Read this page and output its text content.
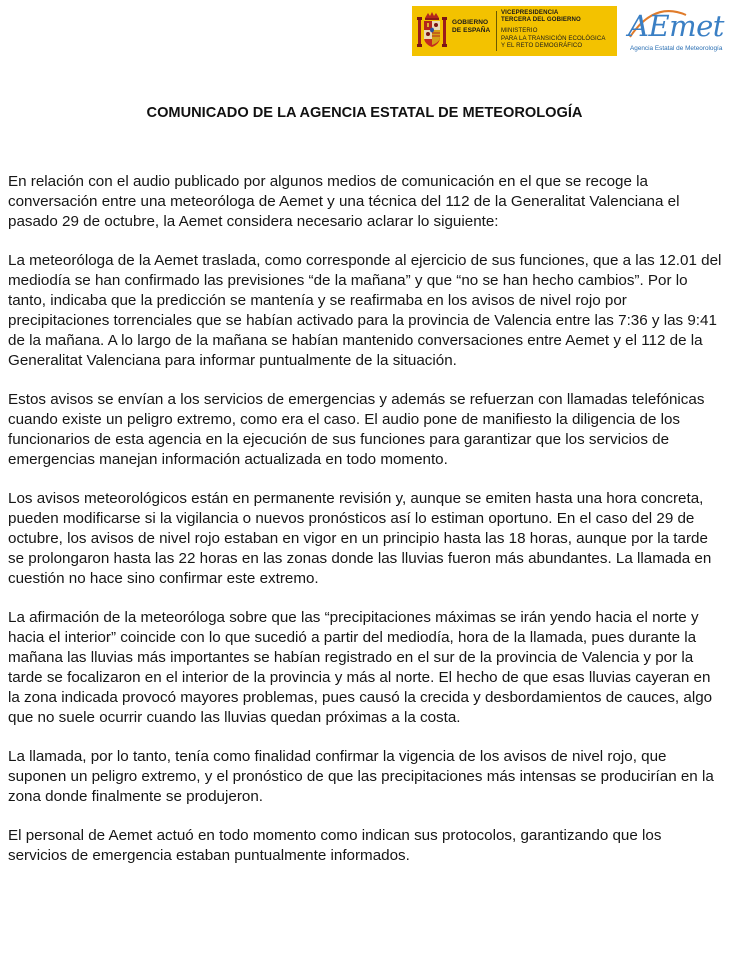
GOBIERNO
DE ESPAÑA
VICEPRESIDENCIA
TERCERA DEL GOBIERNO
MINISTERIO
PARA LA TRANSICIÓN ECOLÓGICA
Y EL RETO DEMOGRÁFICO
AEmet
Agencia Estatal de Meteorología
COMUNICADO DE LA AGENCIA ESTATAL DE METEOROLOGÍA

En relación con el audio publicado por algunos medios de comunicación en el que se recoge la conversación entre una meteoróloga de Aemet y una técnica del 112 de la Generalitat Valenciana el pasado 29 de octubre, la Aemet considera necesario aclarar lo siguiente:

La meteoróloga de la Aemet traslada, como corresponde al ejercicio de sus funciones, que a las 12.01 del mediodía se han confirmado las previsiones “de la mañana” y que “no se han hecho cambios”. Por lo tanto, indicaba que la predicción se mantenía y se reafirmaba en los avisos de nivel rojo por precipitaciones torrenciales que se habían activado para la provincia de Valencia entre las 7:36 y las 9:41 de la mañana. A lo largo de la mañana se habían mantenido conversaciones entre Aemet y el 112 de la Generalitat Valenciana para informar puntualmente de la situación.

Estos avisos se envían a los servicios de emergencias y además se refuerzan con llamadas telefónicas cuando existe un peligro extremo, como era el caso. El audio pone de manifiesto la diligencia de los funcionarios de esta agencia en la ejecución de sus funciones para garantizar que los servicios de emergencias manejan información actualizada en todo momento.

Los avisos meteorológicos están en permanente revisión y, aunque se emiten hasta una hora concreta, pueden modificarse si la vigilancia o nuevos pronósticos así lo estiman oportuno. En el caso del 29 de octubre, los avisos de nivel rojo estaban en vigor en un principio hasta las 18 horas, aunque por la tarde se prolongaron hasta las 22 horas en las zonas donde las lluvias fueron más abundantes. La llamada en cuestión no hace sino confirmar este extremo.

La afirmación de la meteoróloga sobre que las “precipitaciones máximas se irán yendo hacia el norte y hacia el interior” coincide con lo que sucedió a partir del mediodía, hora de la llamada, pues durante la mañana las lluvias más importantes se habían registrado en el sur de la provincia de Valencia y por la tarde se focalizaron en el interior de la provincia y más al norte. El hecho de que esas lluvias cayeran en la zona indicada provocó mayores problemas, pues causó la crecida y desbordamientos de cauces, algo que no suele ocurrir cuando las lluvias quedan próximas a la costa.

La llamada, por lo tanto, tenía como finalidad confirmar la vigencia de los avisos de nivel rojo, que suponen un peligro extremo, y el pronóstico de que las precipitaciones más intensas se producirían en la zona donde finalmente se produjeron.

El personal de Aemet actuó en todo momento como indican sus protocolos, garantizando que los servicios de emergencia estaban puntualmente informados.
